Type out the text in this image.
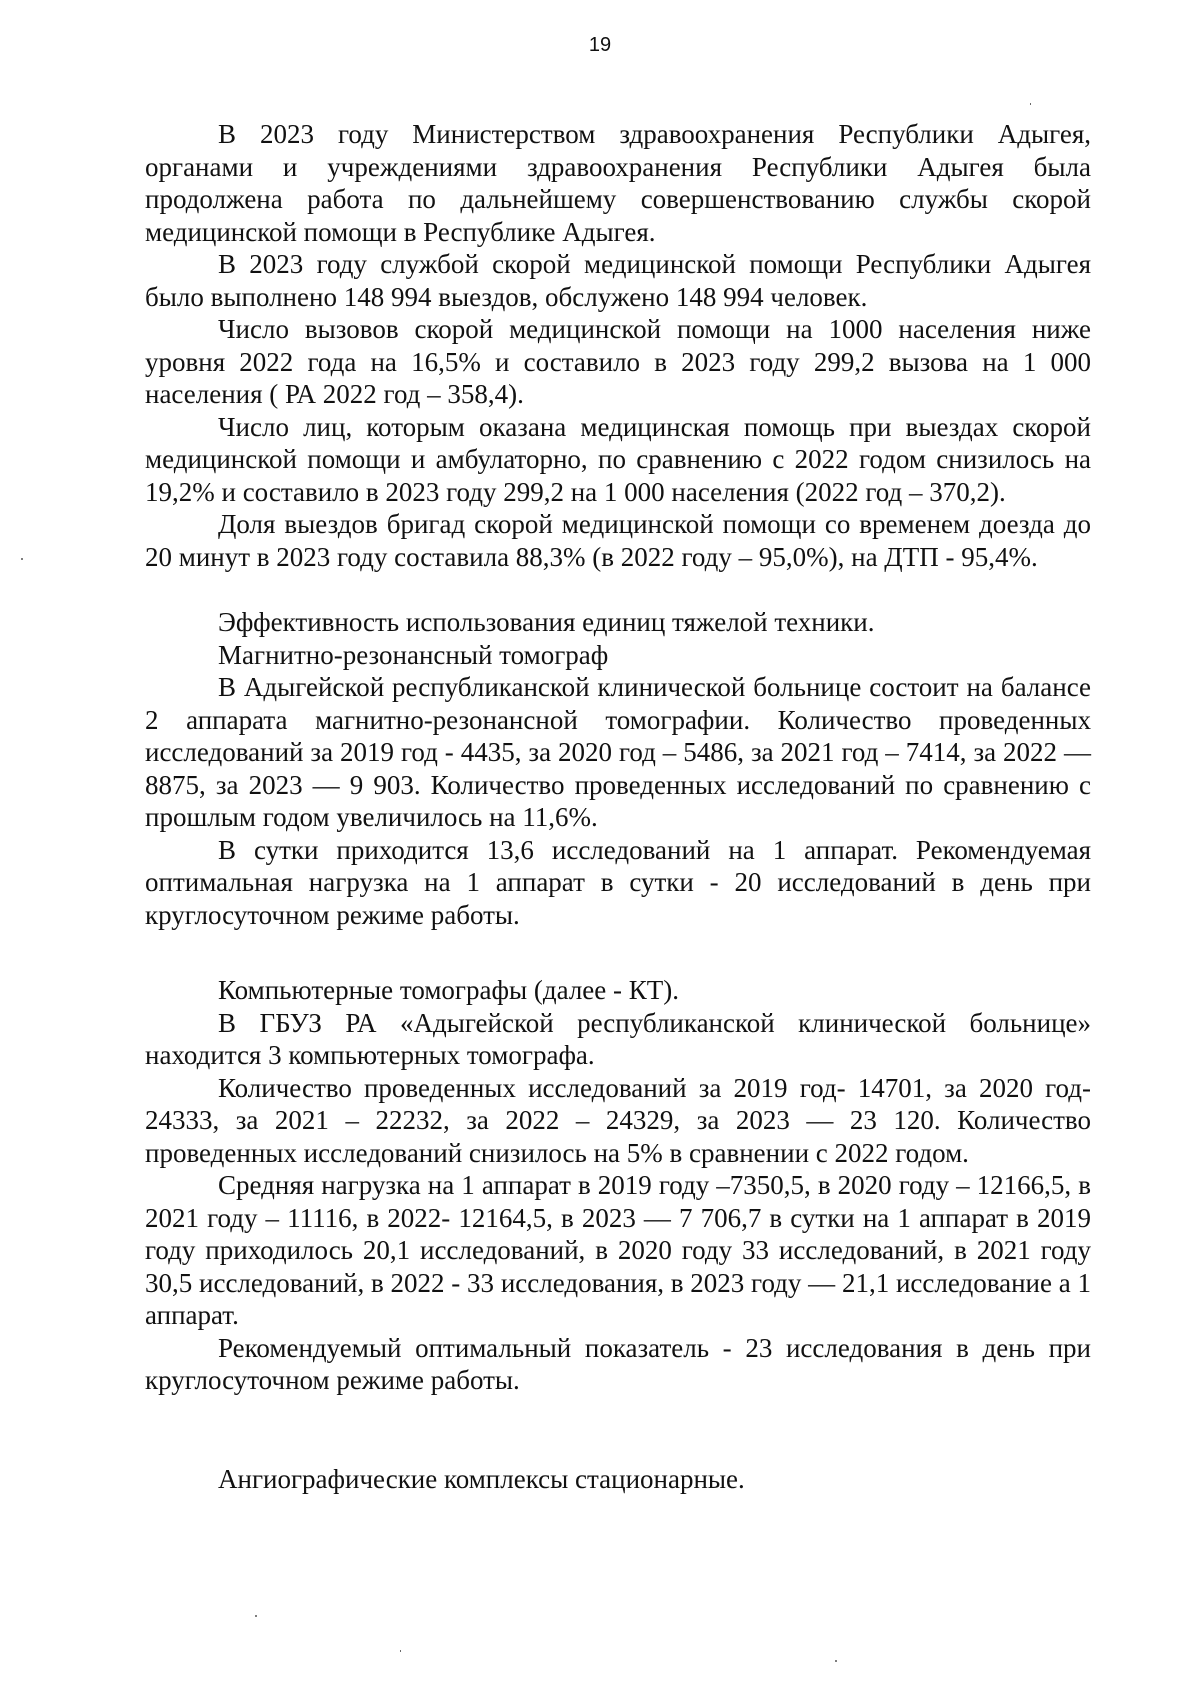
19

В 2023 году Министерством здравоохранения Республики Адыгея, органами и учреждениями здравоохранения Республики Адыгея была продолжена работа по дальнейшему совершенствованию службы скорой медицинской помощи в Республике Адыгея.

В 2023 году службой скорой медицинской помощи Республики Адыгея было выполнено 148 994 выездов, обслужено 148 994 человек.

Число вызовов скорой медицинской помощи на 1000 населения ниже уровня 2022 года на 16,5% и составило в 2023 году 299,2 вызова на 1 000 населения ( РА 2022 год – 358,4).

Число лиц, которым оказана медицинская помощь при выездах скорой медицинской помощи и амбулаторно, по сравнению с 2022 годом снизилось на 19,2% и составило в 2023 году 299,2 на 1 000 населения (2022 год – 370,2).

Доля выездов бригад скорой медицинской помощи со временем доезда до 20 минут в 2023 году составила 88,3% (в 2022 году – 95,0%), на ДТП - 95,4%.

Эффективность использования единиц тяжелой техники.

Магнитно-резонансный томограф

В Адыгейской республиканской клинической больнице состоит на балансе 2 аппарата магнитно-резонансной томографии. Количество проведенных исследований за 2019 год - 4435, за 2020 год – 5486, за 2021 год – 7414, за 2022 — 8875, за 2023 — 9 903. Количество проведенных исследований по сравнению с прошлым годом увеличилось на 11,6%.

В сутки приходится 13,6 исследований на 1 аппарат. Рекомендуемая оптимальная нагрузка на 1 аппарат в сутки - 20 исследований в день при круглосуточном режиме работы.

Компьютерные томографы (далее - КТ).

В ГБУЗ РА «Адыгейской республиканской клинической больнице» находится 3 компьютерных томографа.

Количество проведенных исследований за 2019 год- 14701, за 2020 год- 24333, за 2021 – 22232, за 2022 – 24329, за 2023 — 23 120. Количество проведенных исследований снизилось на 5% в сравнении с 2022 годом.

Средняя нагрузка на 1 аппарат в 2019 году –7350,5, в 2020 году – 12166,5, в 2021 году – 11116, в 2022- 12164,5, в 2023 — 7 706,7 в сутки на 1 аппарат в 2019 году приходилось 20,1 исследований, в 2020 году 33 исследований, в 2021 году 30,5 исследований, в 2022 - 33 исследования, в 2023 году — 21,1 исследование а 1 аппарат.

Рекомендуемый оптимальный показатель - 23 исследования в день при круглосуточном режиме работы.

Ангиографические комплексы стационарные.
